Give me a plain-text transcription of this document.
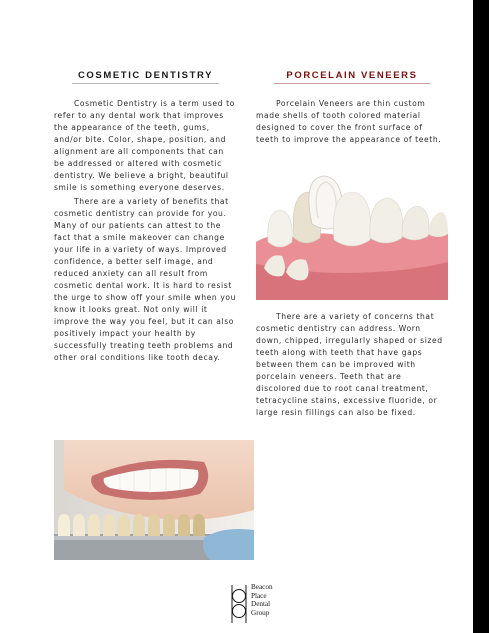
COSMETIC DENTISTRY

Cosmetic Dentistry is a term used to refer to any dental work that improves the appearance of the teeth, gums, and/or bite. Color, shape, position, and alignment are all components that can be addressed or altered with cosmetic dentistry. We believe a bright, beautiful smile is something everyone deserves.

There are a variety of benefits that cosmetic dentistry can provide for you. Many of our patients can attest to the fact that a smile makeover can change your life in a variety of ways. Improved confidence, a better self image, and reduced anxiety can all result from cosmetic dental work. It is hard to resist the urge to show off your smile when you know it looks great. Not only will it improve the way you feel, but it can also positively impact your health by successfully treating teeth problems and other oral conditions like tooth decay.

PORCELAIN VENEERS

Porcelain Veneers are thin custom made shells of tooth colored material designed to cover the front surface of teeth to improve the appearance of teeth.

There are a variety of concerns that cosmetic dentistry can address. Worn down, chipped, irregularly shaped or sized teeth along with teeth that have gaps between them can be improved with porcelain veneers. Teeth that are discolored due to root canal treatment, tetracycline stains, excessive fluoride, or large resin fillings can also be fixed.

Beacon
Place
Dental
Group
